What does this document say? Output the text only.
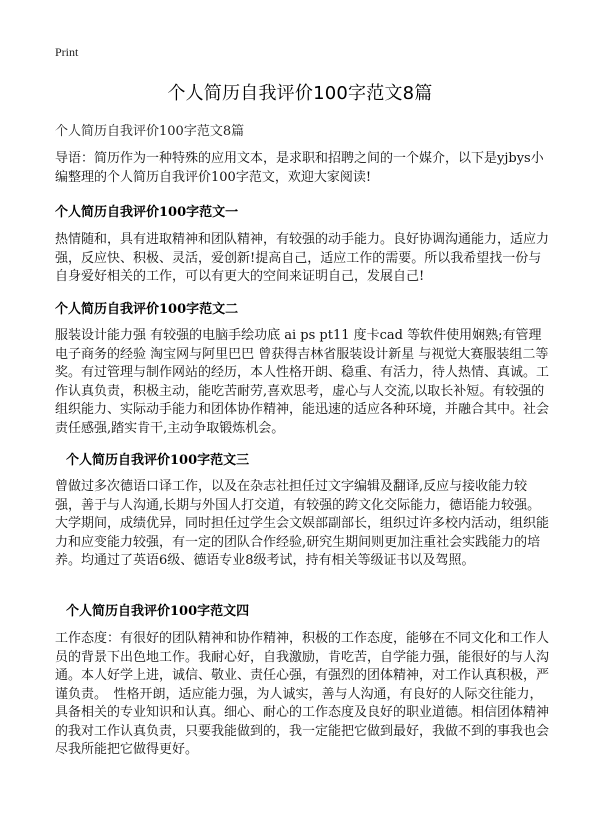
Print
个人简历自我评价100字范文8篇
个人简历自我评价100字范文8篇

导语：简历作为一种特殊的应用文本，是求职和招聘之间的一个媒介，以下是yjbys小编整理的个人简历自我评价100字范文，欢迎大家阅读!

个人简历自我评价100字范文一

热情随和，具有进取精神和团队精神，有较强的动手能力。良好协调沟通能力，适应力强，反应快、积极、灵活，爱创新!提高自己，适应工作的需要。所以我希望找一份与自身爱好相关的工作，可以有更大的空间来证明自己，发展自己!

个人简历自我评价100字范文二

服装设计能力强 有较强的电脑手绘功底 ai ps pt11 度卡cad 等软件使用娴熟;有管理电子商务的经验 淘宝网与阿里巴巴 曾获得吉林省服装设计新星 与视觉大赛服装组二等奖。有过管理与制作网站的经历，本人性格开朗、稳重、有活力，待人热情、真诚。工作认真负责，积极主动，能吃苦耐劳,喜欢思考，虚心与人交流,以取长补短。有较强的组织能力、实际动手能力和团体协作精神，能迅速的适应各种环境，并融合其中。社会责任感强,踏实肯干,主动争取锻炼机会。

个人简历自我评价100字范文三

曾做过多次德语口译工作，以及在杂志社担任过文字编辑及翻译,反应与接收能力较强，善于与人沟通,长期与外国人打交道，有较强的跨文化交际能力，德语能力较强。大学期间，成绩优异，同时担任过学生会文娱部副部长，组织过许多校内活动，组织能力和应变能力较强，有一定的团队合作经验,研究生期间则更加注重社会实践能力的培养。均通过了英语6级、德语专业8级考试，持有相关等级证书以及驾照。

个人简历自我评价100字范文四

工作态度：有很好的团队精神和协作精神，积极的工作态度，能够在不同文化和工作人员的背景下出色地工作。我耐心好，自我激励，肯吃苦，自学能力强，能很好的与人沟通。本人好学上进，诚信、敬业、责任心强，有强烈的团体精神，对工作认真积极，严谨负责。　性格开朗，适应能力强，为人诚实，善与人沟通，有良好的人际交往能力，具备相关的专业知识和认真。细心、耐心的工作态度及良好的职业道德。相信团体精神的我对工作认真负责，只要我能做到的，我一定能把它做到最好，我做不到的事我也会尽我所能把它做得更好。
